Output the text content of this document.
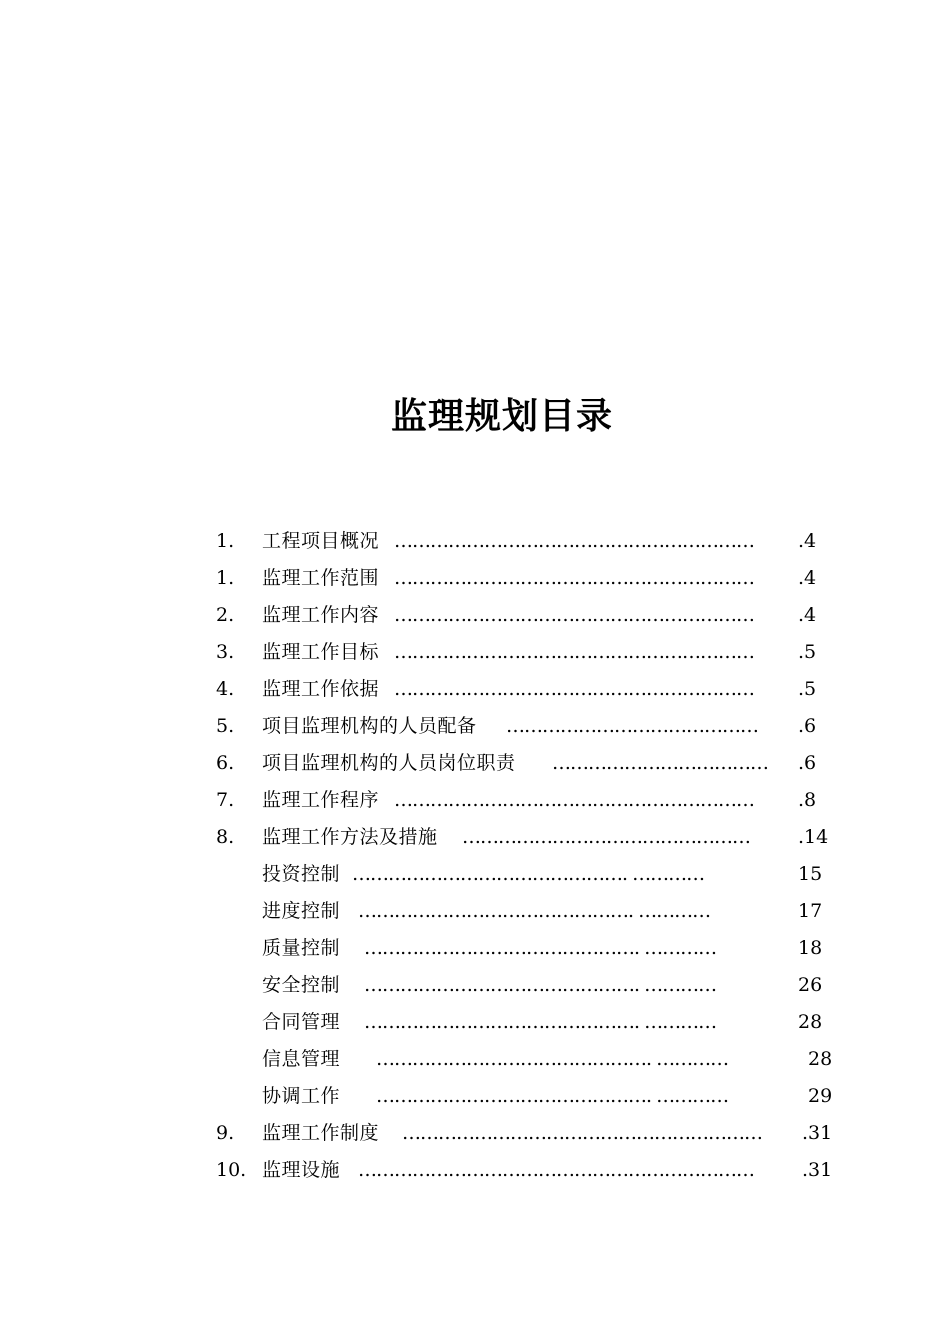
监理规划目录
1. 工程项目概况 ……………………………………………………	.4
1. 监理工作范围 ……………………………………………………	.4
2. 监理工作内容 ……………………………………………………	.4
3. 监理工作目标 ……………………………………………………	.5
4. 监理工作依据 ……………………………………………………	.5
5. 项目监理机构的人员配备 ……………………………………	.6
6. 项目监理机构的人员岗位职责 ………………………………	.6
7. 监理工作程序 ……………………………………………………	.8
8. 监理工作方法及措施 …………………………………………	.14
投资控制 ………………………………………. …………	15
进度控制 ………………………………………. …………	17
质量控制 ………………………………………. …………	18
安全控制 ………………………………………. …………	26
合同管理 ………………………………………. …………	28
信息管理 ………………………………………. …………	28
协调工作 ………………………………………. …………	29
9. 监理工作制度 ……………………………………………………	.31
10. 监理设施 …………………………………………………………	.31
